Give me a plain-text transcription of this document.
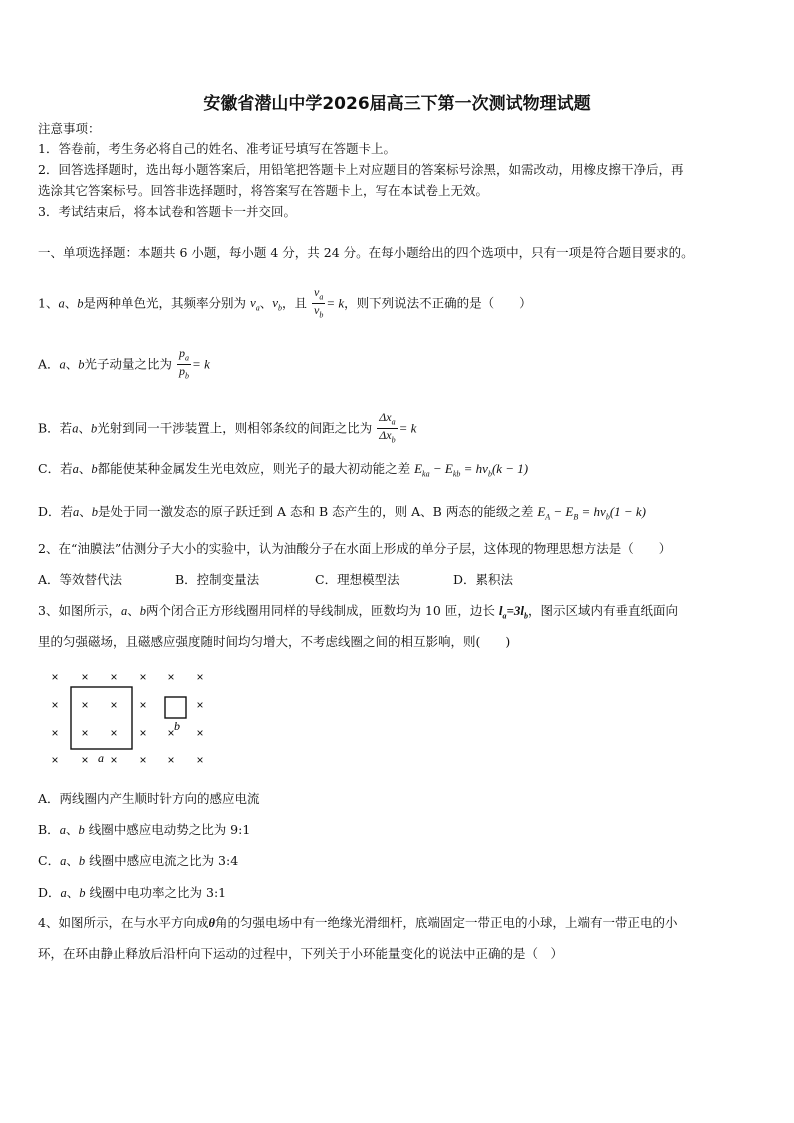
安徽省潜山中学2026届高三下第一次测试物理试题
注意事项：
1．答卷前，考生务必将自己的姓名、准考证号填写在答题卡上。
2．回答选择题时，选出每小题答案后，用铅笔把答题卡上对应题目的答案标号涂黑，如需改动，用橡皮擦干净后，再
选涂其它答案标号。回答非选择题时，将答案写在答题卡上，写在本试卷上无效。
3．考试结束后，将本试卷和答题卡一并交回。
一、单项选择题：本题共 6 小题，每小题 4 分，共 24 分。在每小题给出的四个选项中，只有一项是符合题目要求的。
1、a、b是两种单色光，其频率分别为 $\nu_a$、$\nu_b$，且 $\frac{\nu_a}{\nu_b} = k$，则下列说法不正确的是（　　）
A．a、b光子动量之比为 $\frac{p_a}{p_b} = k$
B．若a、b光射到同一干涉装置上，则相邻条纹的间距之比为 $\frac{\Delta x_a}{\Delta x_b} = k$
C．若a、b都能使某种金属发生光电效应，则光子的最大初动能之差 $E_{ka} - E_{kb} = h\nu_b(k - 1)$
D．若a、b是处于同一激发态的原子跃迁到 A 态和 B 态产生的，则 A、B 两态的能级之差 $E_A - E_B = h\nu_b(1 - k)$
2、在“油膜法”估测分子大小的实验中，认为油酸分子在水面上形成的单分子层，这体现的物理思想方法是（　　）
A．等效替代法	B．控制变量法	C．理想模型法	D．累积法
3、如图所示，a、b两个闭合正方形线圈用同样的导线制成，匝数均为 10 匝，边长 $l_a=3l_b$，图示区域内有垂直纸面向
里的匀强磁场，且磁感应强度随时间均匀增大，不考虑线圈之间的相互影响，则(　　)
× × × × × ×
× × × ×	×
× × × × × ×
× × × × × ×
a
b
A．两线圈内产生顺时针方向的感应电流
B．a、b 线圈中感应电动势之比为 9:1
C．a、b 线圈中感应电流之比为 3:4
D．a、b 线圈中电功率之比为 3:1
4、如图所示，在与水平方向成θ角的匀强电场中有一绝缘光滑细杆，底端固定一带正电的小球，上端有一带正电的小
环，在环由静止释放后沿杆向下运动的过程中，下列关于小环能量变化的说法中正确的是（　）
